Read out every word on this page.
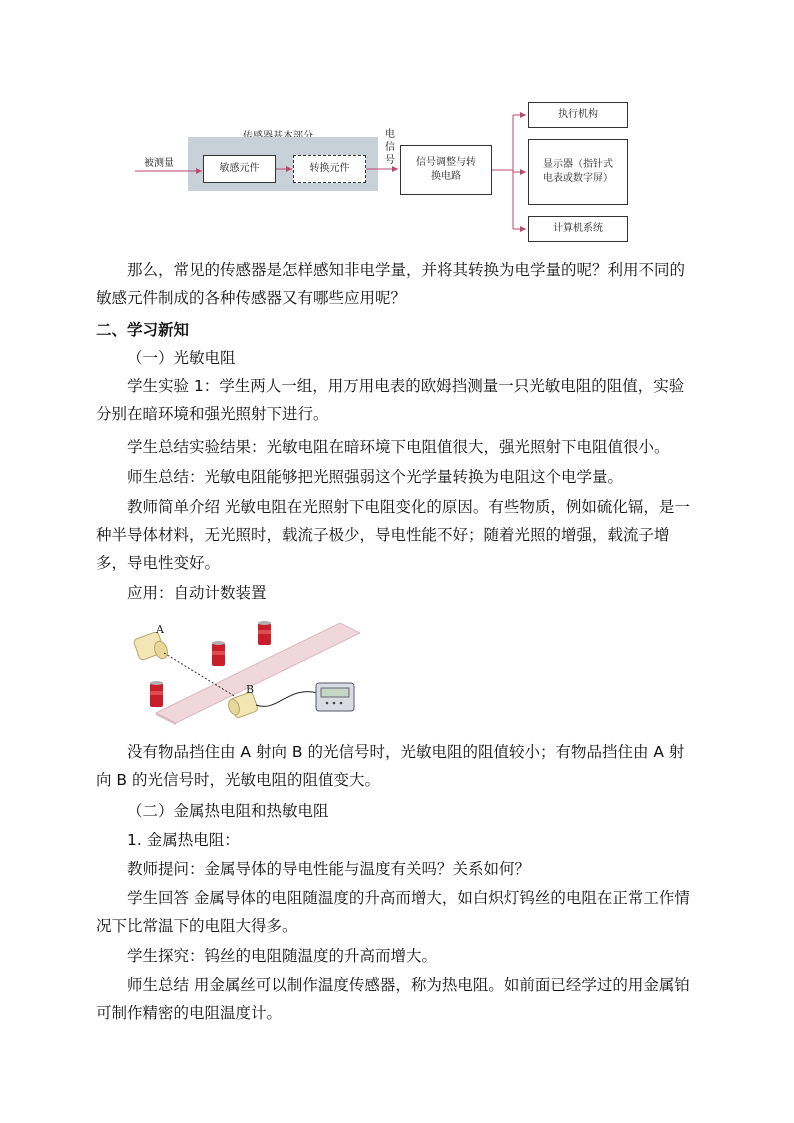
被测量	敏感元件	转换元件
电
信
号 信号调整与转
换电路
执行机构
显示器（指针式
电表或数字屏）
计算机系统
那么，常见的传感器是怎样感知非电学量，并将其转换为电学量的呢？利用不同的敏感元件制成的各种传感器又有哪些应用呢？
二、学习新知
（一）光敏电阻
学生实验 1：学生两人一组，用万用电表的欧姆挡测量一只光敏电阻的阻值，实验分别在暗环境和强光照射下进行。
学生总结实验结果：光敏电阻在暗环境下电阻值很大，强光照射下电阻值很小。
师生总结：光敏电阻能够把光照强弱这个光学量转换为电阻这个电学量。
教师简单介绍 光敏电阻在光照射下电阻变化的原因。有些物质，例如硫化镉，是一种半导体材料，无光照时，载流子极少，导电性能不好；随着光照的增强，载流子增多，导电性变好。
应用：自动计数装置
A
B
没有物品挡住由 A 射向 B 的光信号时，光敏电阻的阻值较小；有物品挡住由 A 射向 B 的光信号时，光敏电阻的阻值变大。
（二）金属热电阻和热敏电阻
1. 金属热电阻：
教师提问：金属导体的导电性能与温度有关吗？关系如何？
学生回答 金属导体的电阻随温度的升高而增大，如白炽灯钨丝的电阻在正常工作情况下比常温下的电阻大得多。
学生探究：钨丝的电阻随温度的升高而增大。
师生总结 用金属丝可以制作温度传感器，称为热电阻。如前面已经学过的用金属铂可制作精密的电阻温度计。
